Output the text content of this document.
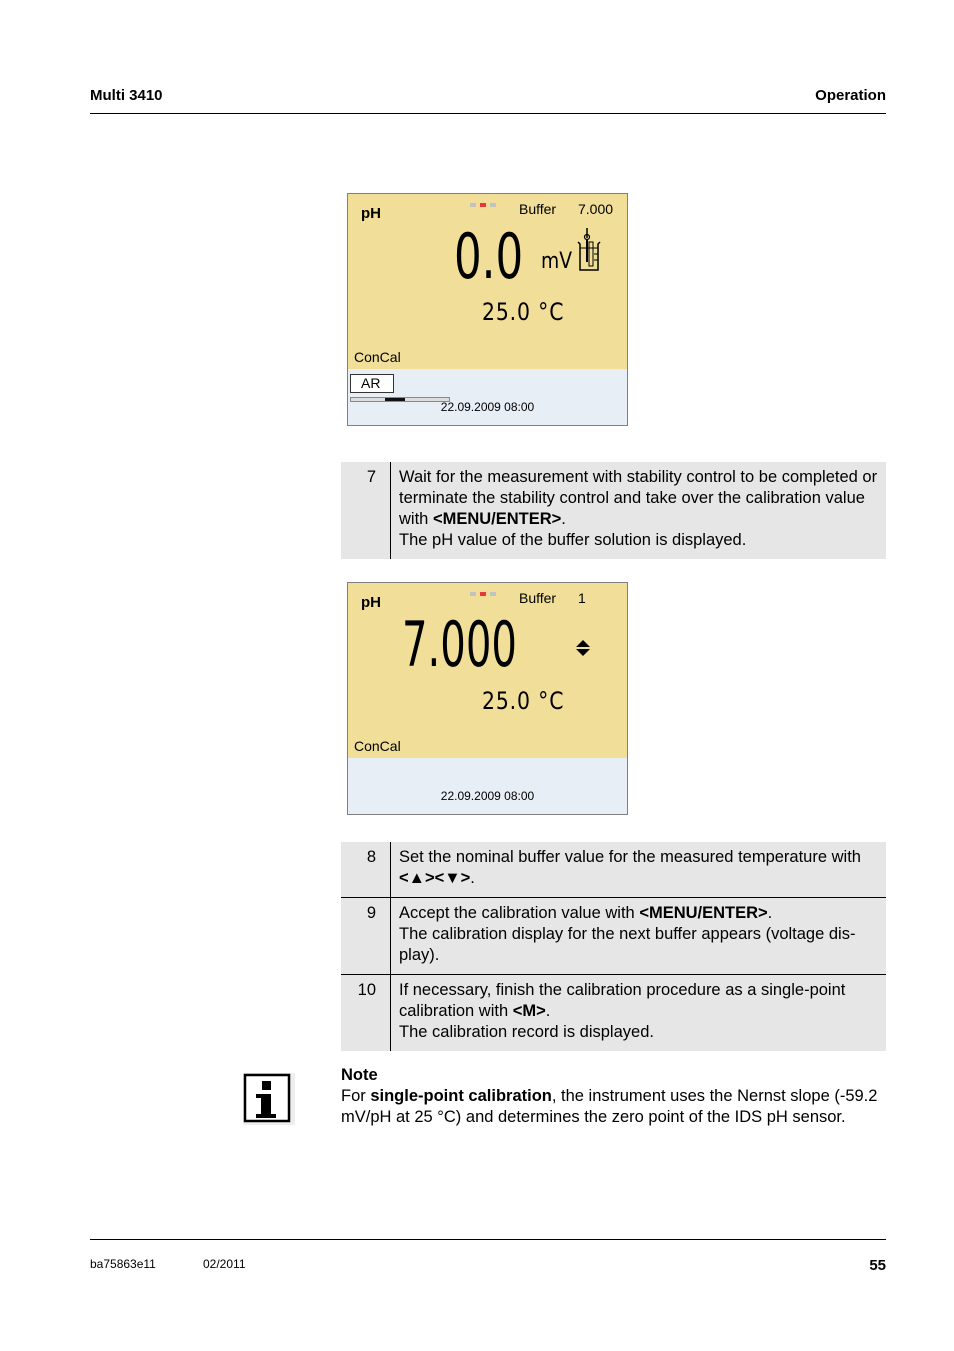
Multi 3410	Operation
pH	Buffer 7.000
0.0 mV
25.0 °C
ConCal
AR
22.09.2009 08:00
7	Wait for the measurement with stability control to be completed or terminate the stability control and take over the calibration value with <MENU/ENTER>.
The pH value of the buffer solution is displayed.
pH	Buffer 1
7.000
25.0 °C
ConCal
22.09.2009 08:00
8	Set the nominal buffer value for the measured temperature with <▲><▼>.
9	Accept the calibration value with <MENU/ENTER>.
The calibration display for the next buffer appears (voltage dis-play).
10	If necessary, finish the calibration procedure as a single-point calibration with <M>.
The calibration record is displayed.
Note
For single-point calibration, the instrument uses the Nernst slope (-59.2 mV/pH at 25 °C) and determines the zero point of the IDS pH sensor.
ba75863e11	02/2011	55
